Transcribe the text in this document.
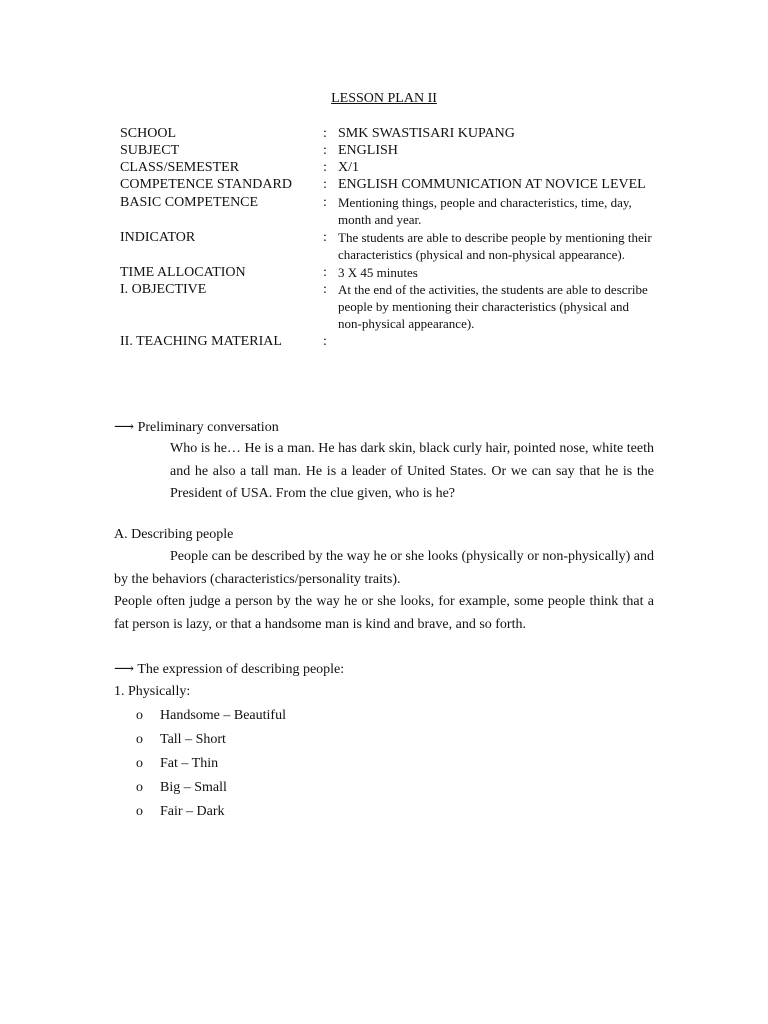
LESSON PLAN II
SCHOOL	: SMK SWASTISARI KUPANG
SUBJECT	: ENGLISH
CLASS/SEMESTER	: X/1
COMPETENCE STANDARD	: ENGLISH COMMUNICATION AT NOVICE LEVEL
BASIC COMPETENCE	: Mentioning things, people and characteristics, time, day, month and year.
INDICATOR	: The students are able to describe people by mentioning their characteristics (physical and non-physical appearance).
TIME ALLOCATION	: 3 X 45 minutes
I. OBJECTIVE	: At the end of the activities, the students are able to describe people by mentioning their characteristics (physical and non-physical appearance).
II. TEACHING MATERIAL	:
⟶ Preliminary conversation
Who is he… He is a man. He has dark skin, black curly hair, pointed nose, white teeth and he also a tall man. He is a leader of United States. Or we can say that he is the President of USA. From the clue given, who is he?
A. Describing people
People can be described by the way he or she looks (physically or non-physically) and by the behaviors (characteristics/personality traits).
People often judge a person by the way he or she looks, for example, some people think that a fat person is lazy, or that a handsome man is kind and brave, and so forth.
⟶ The expression of describing people:
1. Physically:
o	Handsome – Beautiful
o	Tall – Short
o	Fat – Thin
o	Big – Small
o	Fair – Dark
